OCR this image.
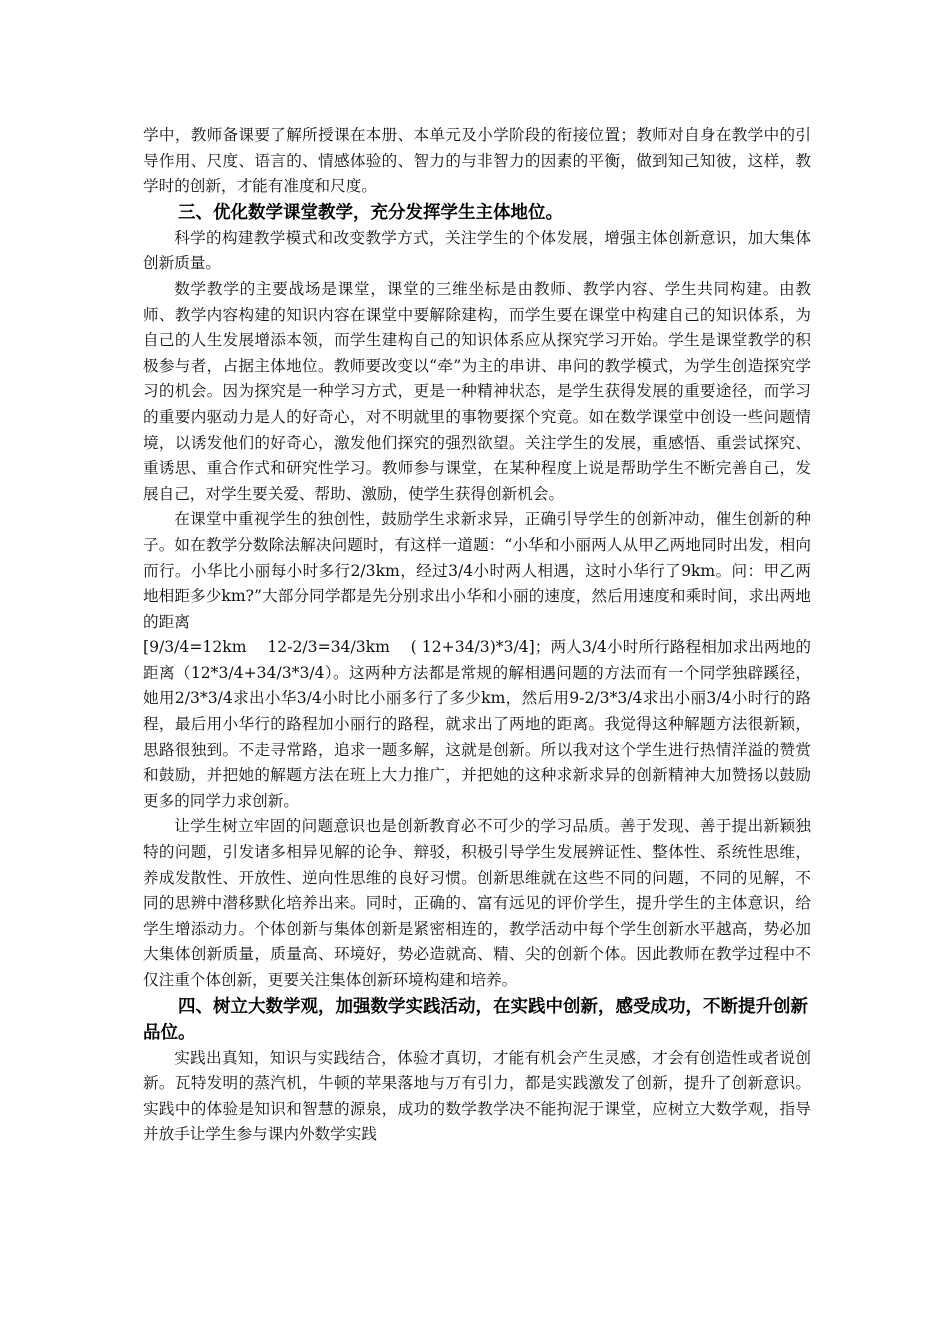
学中，教师备课要了解所授课在本册、本单元及小学阶段的衔接位置；教师对自身在教学中的引导作用、尺度、语言的、情感体验的、智力的与非智力的因素的平衡，做到知己知彼，这样，教学时的创新，才能有准度和尺度。

三、优化数学课堂教学，充分发挥学生主体地位。

科学的构建教学模式和改变教学方式，关注学生的个体发展，增强主体创新意识，加大集体创新质量。

数学教学的主要战场是课堂，课堂的三维坐标是由教师、教学内容、学生共同构建。由教师、教学内容构建的知识内容在课堂中要解除建构，而学生要在课堂中构建自己的知识体系，为自己的人生发展增添本领，而学生建构自己的知识体系应从探究学习开始。学生是课堂教学的积极参与者，占据主体地位。教师要改变以“牵”为主的串讲、串问的教学模式，为学生创造探究学习的机会。因为探究是一种学习方式，更是一种精神状态，是学生获得发展的重要途径，而学习的重要内驱动力是人的好奇心，对不明就里的事物要探个究竟。如在数学课堂中创设一些问题情境，以诱发他们的好奇心，激发他们探究的强烈欲望。关注学生的发展，重感悟、重尝试探究、重诱思、重合作式和研究性学习。教师参与课堂，在某种程度上说是帮助学生不断完善自己，发展自己，对学生要关爱、帮助、激励，使学生获得创新机会。

在课堂中重视学生的独创性，鼓励学生求新求异，正确引导学生的创新冲动，催生创新的种子。如在教学分数除法解决问题时，有这样一道题：“小华和小丽两人从甲乙两地同时出发，相向而行。小华比小丽每小时多行2/3km，经过3/4小时两人相遇，这时小华行了9km。问：甲乙两地相距多少km?”大部分同学都是先分别求出小华和小丽的速度，然后用速度和乘时间，求出两地的距离

[9/3/4=12km　 12-2/3=34/3km 　( 12+34/3)*3/4]；两人3/4小时所行路程相加求出两地的距离（12*3/4+34/3*3/4）。这两种方法都是常规的解相遇问题的方法而有一个同学独辟蹊径，她用2/3*3/4求出小华3/4小时比小丽多行了多少km，然后用9-2/3*3/4求出小丽3/4小时行的路程，最后用小华行的路程加小丽行的路程，就求出了两地的距离。我觉得这种解题方法很新颖，思路很独到。不走寻常路，追求一题多解，这就是创新。所以我对这个学生进行热情洋溢的赞赏和鼓励，并把她的解题方法在班上大力推广，并把她的这种求新求异的创新精神大加赞扬以鼓励更多的同学力求创新。

让学生树立牢固的问题意识也是创新教育必不可少的学习品质。善于发现、善于提出新颖独特的问题，引发诸多相异见解的论争、辩驳，积极引导学生发展辨证性、整体性、系统性思维，养成发散性、开放性、逆向性思维的良好习惯。创新思维就在这些不同的问题，不同的见解，不同的思辨中潜移默化培养出来。同时，正确的、富有远见的评价学生，提升学生的主体意识，给学生增添动力。个体创新与集体创新是紧密相连的，教学活动中每个学生创新水平越高，势必加大集体创新质量，质量高、环境好，势必造就高、精、尖的创新个体。因此教师在教学过程中不仅注重个体创新，更要关注集体创新环境构建和培养。

四、树立大数学观，加强数学实践活动，在实践中创新，感受成功，不断提升创新品位。

实践出真知，知识与实践结合，体验才真切，才能有机会产生灵感，才会有创造性或者说创新。瓦特发明的蒸汽机，牛顿的苹果落地与万有引力，都是实践激发了创新，提升了创新意识。实践中的体验是知识和智慧的源泉，成功的数学教学决不能拘泥于课堂，应树立大数学观，指导并放手让学生参与课内外数学实践
